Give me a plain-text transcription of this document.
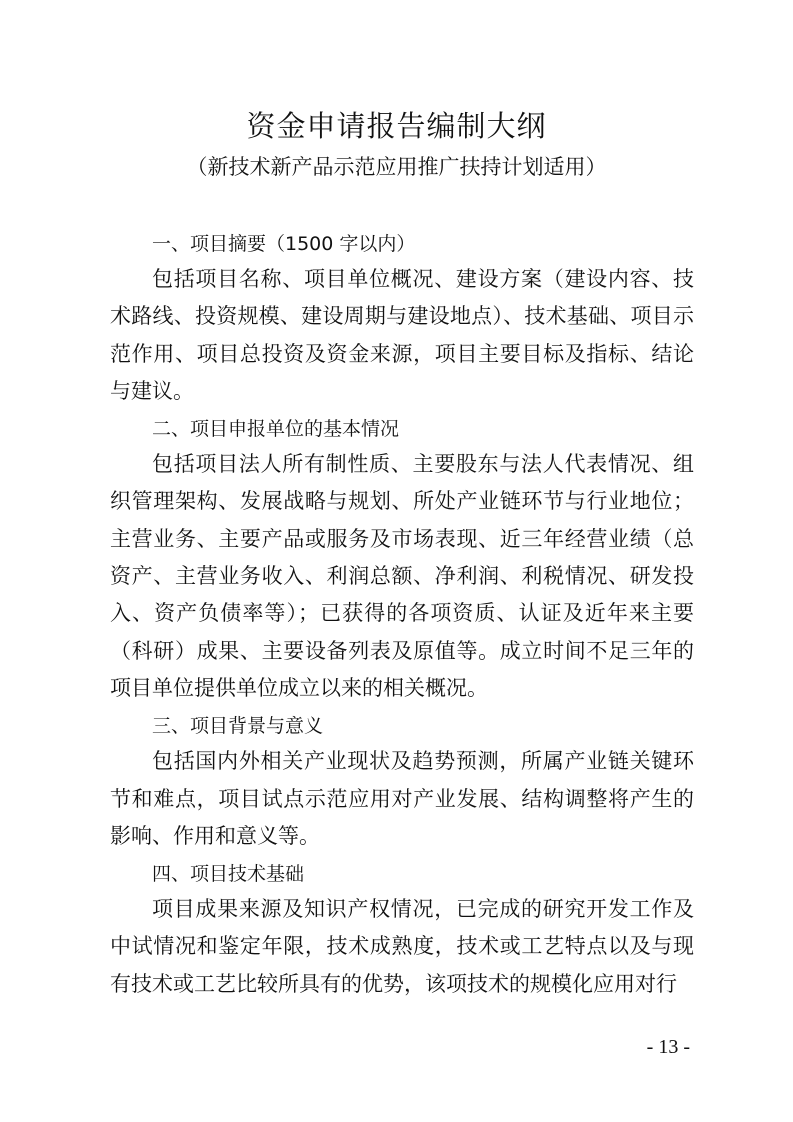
资金申请报告编制大纲
（新技术新产品示范应用推广扶持计划适用）
一、项目摘要（1500 字以内）
包括项目名称、项目单位概况、建设方案（建设内容、技术路线、投资规模、建设周期与建设地点）、技术基础、项目示范作用、项目总投资及资金来源，项目主要目标及指标、结论与建议。
二、项目申报单位的基本情况
包括项目法人所有制性质、主要股东与法人代表情况、组织管理架构、发展战略与规划、所处产业链环节与行业地位；主营业务、主要产品或服务及市场表现、近三年经营业绩（总资产、主营业务收入、利润总额、净利润、利税情况、研发投入、资产负债率等）；已获得的各项资质、认证及近年来主要（科研）成果、主要设备列表及原值等。成立时间不足三年的项目单位提供单位成立以来的相关概况。
三、项目背景与意义
包括国内外相关产业现状及趋势预测，所属产业链关键环节和难点，项目试点示范应用对产业发展、结构调整将产生的影响、作用和意义等。
四、项目技术基础
项目成果来源及知识产权情况，已完成的研究开发工作及中试情况和鉴定年限，技术成熟度，技术或工艺特点以及与现有技术或工艺比较所具有的优势，该项技术的规模化应用对行
- 13 -
